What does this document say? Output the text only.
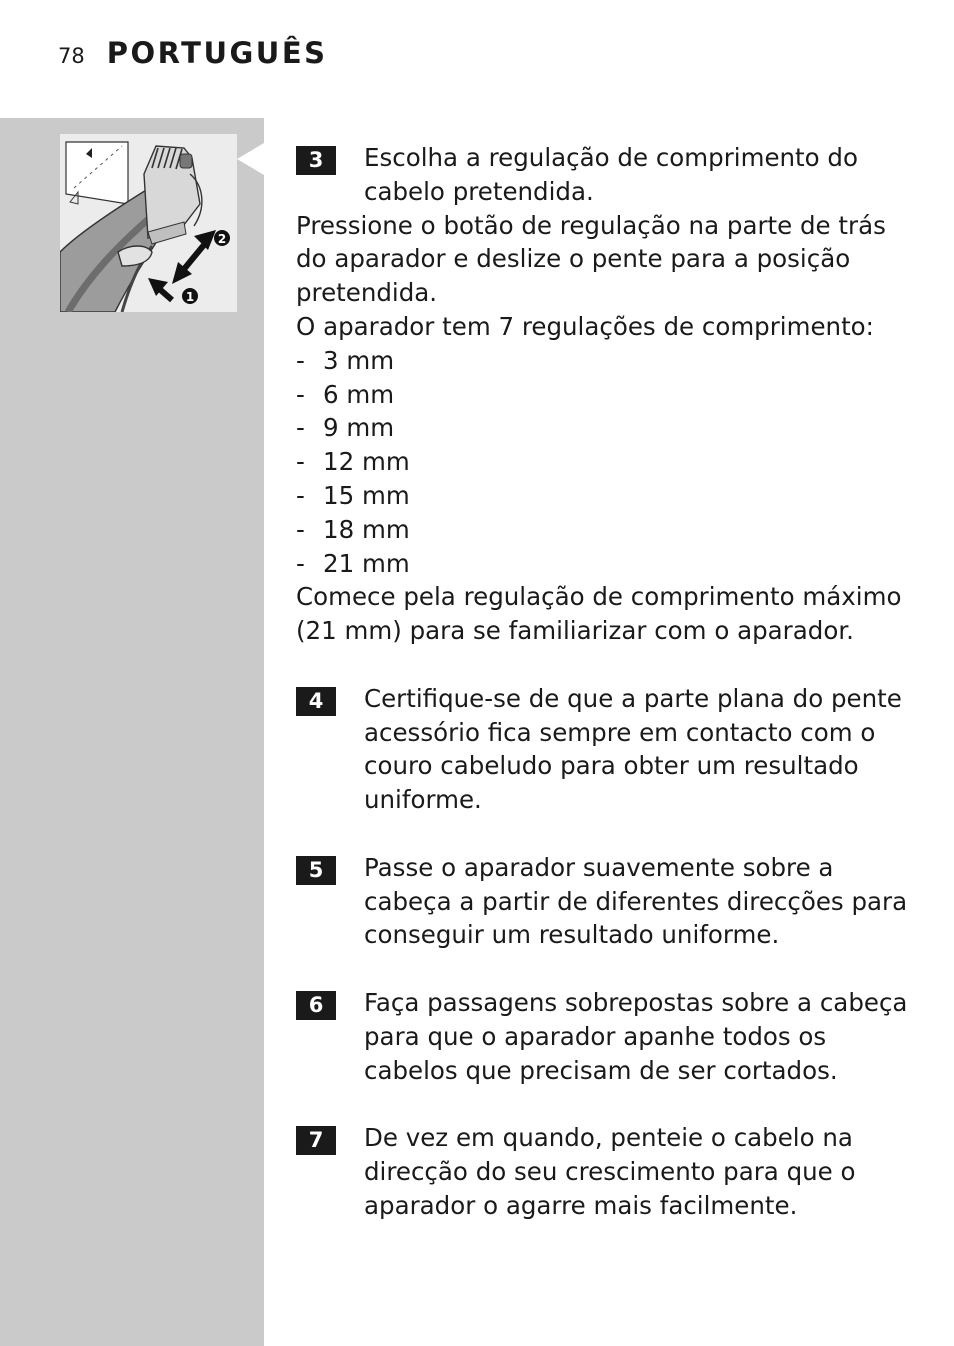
78 PORTUGUÊS
2
1
3	Escolha a regulação de comprimento do cabelo pretendida.
Pressione o botão de regulação na parte de trás do aparador e deslize o pente para a posição pretendida.
O aparador tem 7 regulações de comprimento:
- 3 mm
- 6 mm
- 9 mm
- 12 mm
- 15 mm
- 18 mm
- 21 mm
Comece pela regulação de comprimento máximo (21 mm) para se familiarizar com o aparador.
4	Certifique-se de que a parte plana do pente acessório fica sempre em contacto com o couro cabeludo para obter um resultado uniforme.
5	Passe o aparador suavemente sobre a cabeça a partir de diferentes direcções para conseguir um resultado uniforme.
6	Faça passagens sobrepostas sobre a cabeça para que o aparador apanhe todos os cabelos que precisam de ser cortados.
7	De vez em quando, penteie o cabelo na direcção do seu crescimento para que o aparador o agarre mais facilmente.
